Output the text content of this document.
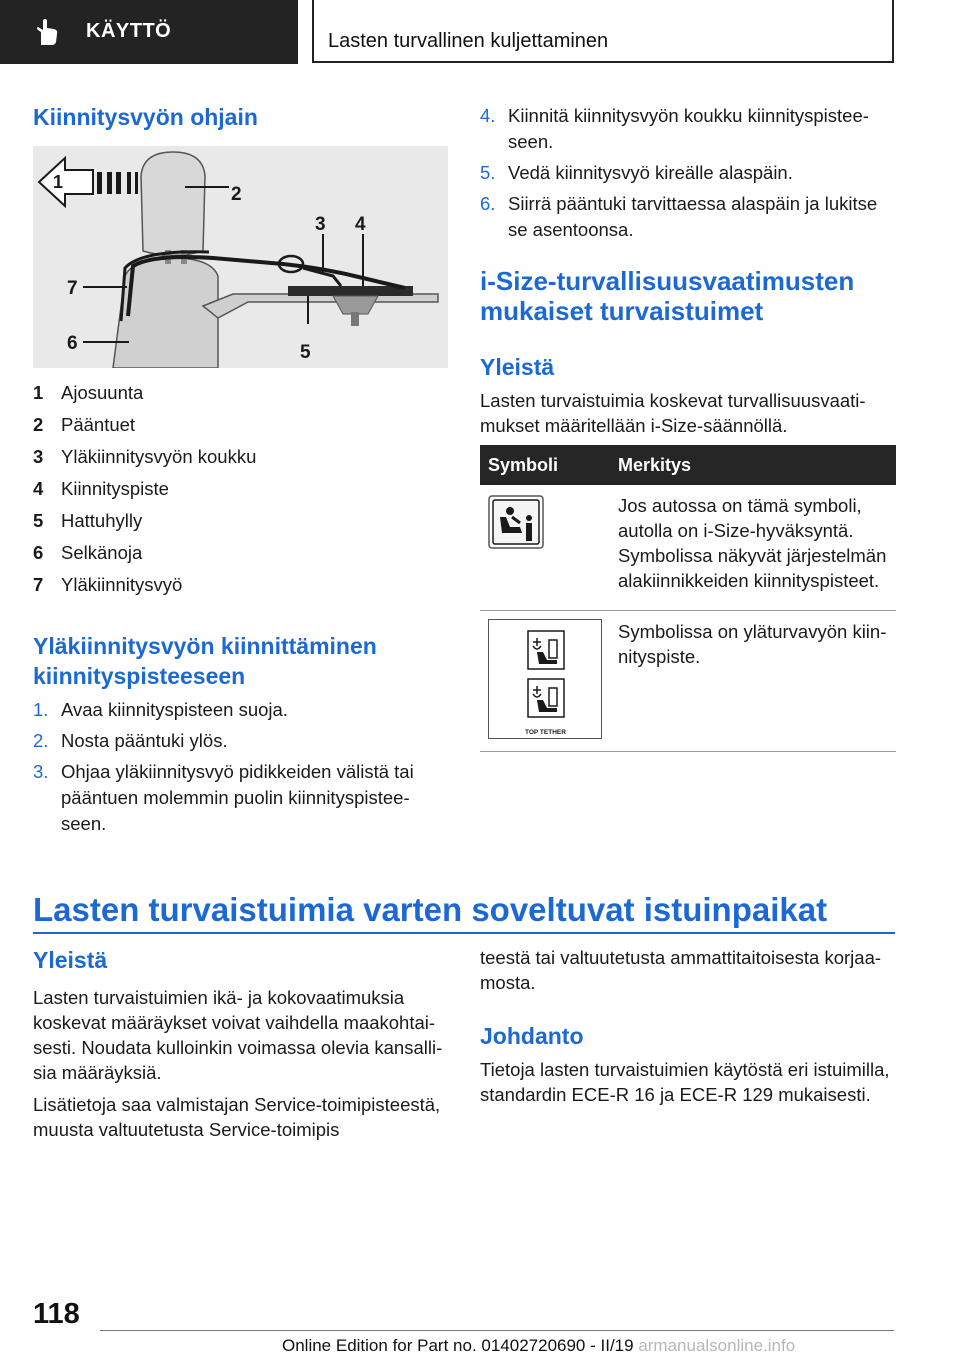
KÄYTTÖ	Lasten turvallinen kuljettaminen
Kiinnitysvyön ohjain
1
2
3 4
5
6
7
1 Ajosuunta
2 Pääntuet
3 Yläkiinnitysvyön koukku
4 Kiinnityspiste
5 Hattuhylly
6 Selkänoja
7 Yläkiinnitysvyö
Yläkiinnitysvyön kiinnittäminen kiinnityspisteeseen
1. Avaa kiinnityspisteen suoja.
2. Nosta pääntuki ylös.
3. Ohjaa yläkiinnitysvyö pidikkeiden välistä tai pääntuen molemmin puolin kiinnityspisteeseen.
4. Kiinnitä kiinnitysvyön koukku kiinnityspisteeseen.
5. Vedä kiinnitysvyö kireälle alaspäin.
6. Siirrä pääntuki tarvittaessa alaspäin ja lukitse se asentoonsa.
i-Size-turvallisuusvaatimusten mukaiset turvaistuimet
Yleistä
Lasten turvaistuimia koskevat turvallisuusvaatimukset määritellään i-Size-säännöllä.
Symboli	Merkitys
	Jos autossa on tämä symboli, autolla on i-Size-hyväksyntä. Symbolissa näkyvät järjestelmän alakiinnikkeiden kiinnityspisteet.

TOP TETHER	Symbolissa on yläturvavyön kiinnityspiste.
Lasten turvaistuimia varten soveltuvat istuinpaikat
Yleistä
Lasten turvaistuimien ikä- ja kokovaatimuksia koskevat määräykset voivat vaihdella maakohtaisesti. Noudata kulloinkin voimassa olevia kansallisia määräyksiä.
Lisätietoja saa valmistajan Service-toimipisteestä, muusta valtuutetusta Service-toimipis
teestä tai valtuutetusta ammattitaitoisesta korjaamosta.
Johdanto
Tietoja lasten turvaistuimien käytöstä eri istuimilla, standardin ECE-R 16 ja ECE-R 129 mukaisesti.
118
Online Edition for Part no. 01402720690 - II/19 armanualsonline.info
